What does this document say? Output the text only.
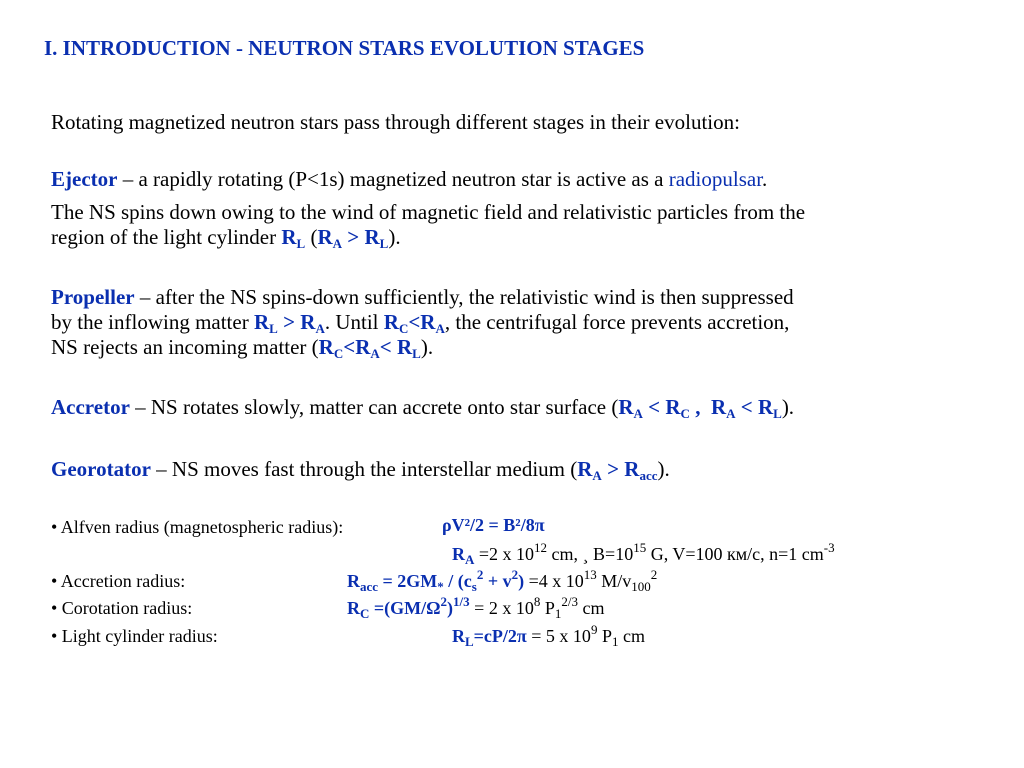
I. INTRODUCTION - NEUTRON STARS EVOLUTION STAGES
Rotating magnetized neutron stars pass through different stages in their evolution:
Ejector – a rapidly rotating (P<1s) magnetized neutron star is active as a radiopulsar.
The NS spins down owing to the wind of magnetic field and relativistic particles from the
region of the light cylinder $R_L$ $(R_A > R_L)$.
Propeller – after the NS spins-down sufficiently, the relativistic wind is then suppressed
by the inflowing matter $R_L > R_A$. Until $R_C<R_A$, the centrifugal force prevents accretion,
NS rejects an incoming matter $(R_C<R_A< R_L)$.
Accretor – NS rotates slowly, matter can accrete onto star surface ($R_A < R_C$ ,  $R_A < R_L$).
Georotator – NS moves fast through the interstellar medium $(R_A > R_{acc})$.
• Alfven radius (magnetospheric radius):	ρV²/2 = B²/8π
$R_A =2$ x $10^{12}$ cm, ¸ $B=10^{15}$ G, V=100 км/с, n=1 $cm^{-3}$
• Accretion radius:	$R_{acc} = 2GM_* / (c_s^2 + v^2) =4$ x $10^{13}$ $M/v_{100}^2$
• Corotation radius:	$R_C =(GM/\Omega^2)^{1/3} = 2$ x $10^8$ $P_1^{2/3}$ cm
• Light cylinder radius:	$R_L=cP/2\pi = 5$ x $10^9$ $P_1$ cm
